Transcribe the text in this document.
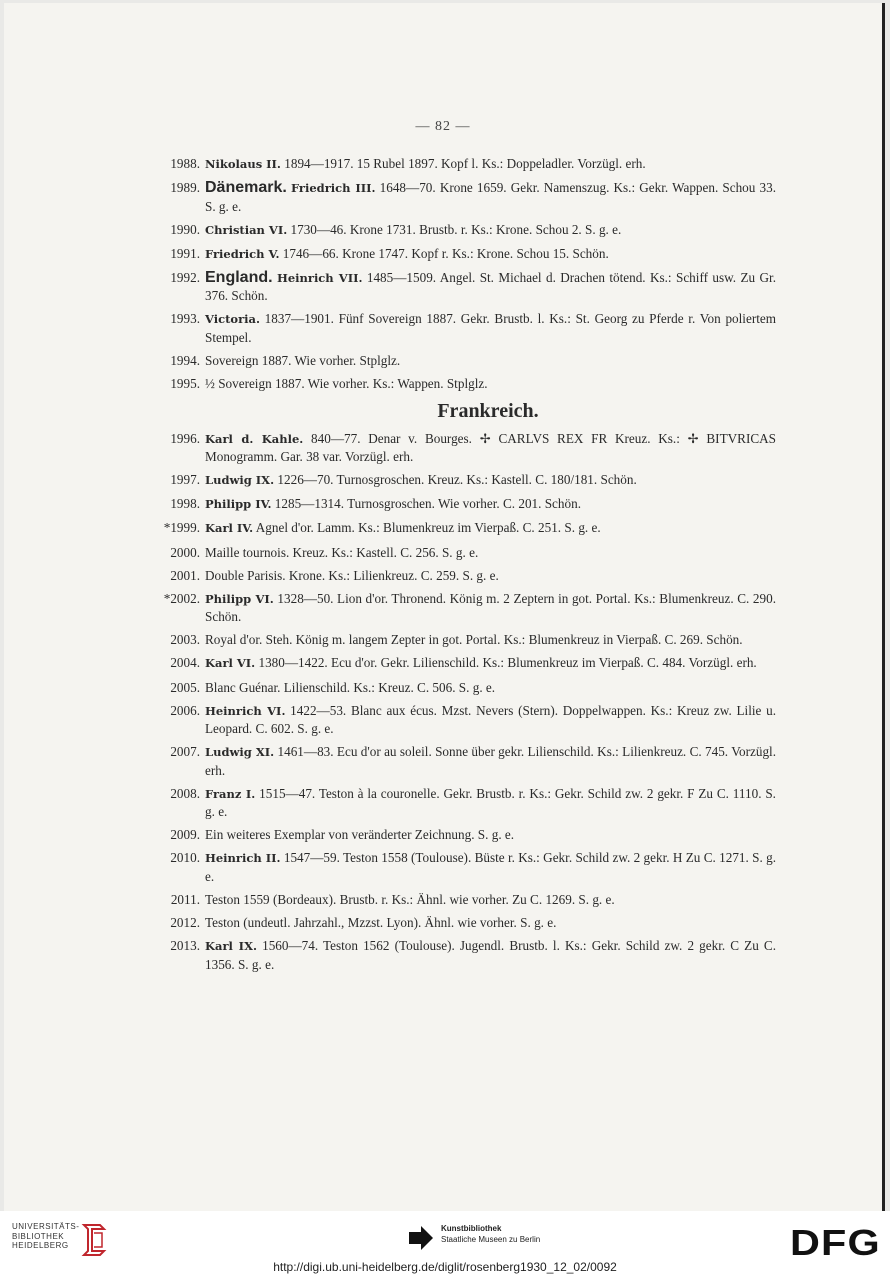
— 82 —
1988. Nikolaus II. 1894—1917. 15 Rubel 1897. Kopf l. Ks.: Doppeladler. Vorzügl. erh.
1989. Dänemark. Friedrich III. 1648—70. Krone 1659. Gekr. Namenszug. Ks.: Gekr. Wappen. Schou 33. S. g. e.
1990. Christian VI. 1730—46. Krone 1731. Brustb. r. Ks.: Krone. Schou 2. S. g. e.
1991. Friedrich V. 1746—66. Krone 1747. Kopf r. Ks.: Krone. Schou 15. Schön.
1992. England. Heinrich VII. 1485—1509. Angel. St. Michael d. Drachen tötend. Ks.: Schiff usw. Zu Gr. 376. Schön.
1993. Victoria. 1837—1901. Fünf Sovereign 1887. Gekr. Brustb. l. Ks.: St. Georg zu Pferde r. Von poliertem Stempel.
1994. Sovereign 1887. Wie vorher. Stplglz.
1995. ½ Sovereign 1887. Wie vorher. Ks.: Wappen. Stplglz.
Frankreich.
1996. Karl d. Kahle. 840—77. Denar v. Bourges. ✢ CARLVS REX FR Kreuz. Ks.: ✢ BITVRICAS Monogramm. Gar. 38 var. Vorzügl. erh.
1997. Ludwig IX. 1226—70. Turnosgroschen. Kreuz. Ks.: Kastell. C. 180/181. Schön.
1998. Philipp IV. 1285—1314. Turnosgroschen. Wie vorher. C. 201. Schön.
*1999. Karl IV. Agnel d'or. Lamm. Ks.: Blumenkreuz im Vierpaß. C. 251. S. g. e.
2000. Maille tournois. Kreuz. Ks.: Kastell. C. 256. S. g. e.
2001. Double Parisis. Krone. Ks.: Lilienkreuz. C. 259. S. g. e.
*2002. Philipp VI. 1328—50. Lion d'or. Thronend. König m. 2 Zeptern in got. Portal. Ks.: Blumenkreuz. C. 290. Schön.
2003. Royal d'or. Steh. König m. langem Zepter in got. Portal. Ks.: Blumenkreuz in Vierpaß. C. 269. Schön.
2004. Karl VI. 1380—1422. Ecu d'or. Gekr. Lilienschild. Ks.: Blumenkreuz im Vierpaß. C. 484. Vorzügl. erh.
2005. Blanc Guénar. Lilienschild. Ks.: Kreuz. C. 506. S. g. e.
2006. Heinrich VI. 1422—53. Blanc aux écus. Mzst. Nevers (Stern). Doppelwappen. Ks.: Kreuz zw. Lilie u. Leopard. C. 602. S. g. e.
2007. Ludwig XI. 1461—83. Ecu d'or au soleil. Sonne über gekr. Lilienschild. Ks.: Lilienkreuz. C. 745. Vorzügl. erh.
2008. Franz I. 1515—47. Teston à la couronelle. Gekr. Brustb. r. Ks.: Gekr. Schild zw. 2 gekr. F Zu C. 1110. S. g. e.
2009. Ein weiteres Exemplar von veränderter Zeichnung. S. g. e.
2010. Heinrich II. 1547—59. Teston 1558 (Toulouse). Büste r. Ks.: Gekr. Schild zw. 2 gekr. H Zu C. 1271. S. g. e.
2011. Teston 1559 (Bordeaux). Brustb. r. Ks.: Ähnl. wie vorher. Zu C. 1269. S. g. e.
2012. Teston (undeutl. Jahrzahl., Mzzst. Lyon). Ähnl. wie vorher. S. g. e.
2013. Karl IX. 1560—74. Teston 1562 (Toulouse). Jugendl. Brustb. l. Ks.: Gekr. Schild zw. 2 gekr. C Zu C. 1356. S. g. e.
UNIVERSITÄTS-
BIBLIOTHEK
HEIDELBERG
Kunstbibliothek
Staatliche Museen zu Berlin	DFG
http://digi.ub.uni-heidelberg.de/diglit/rosenberg1930_12_02/0092
